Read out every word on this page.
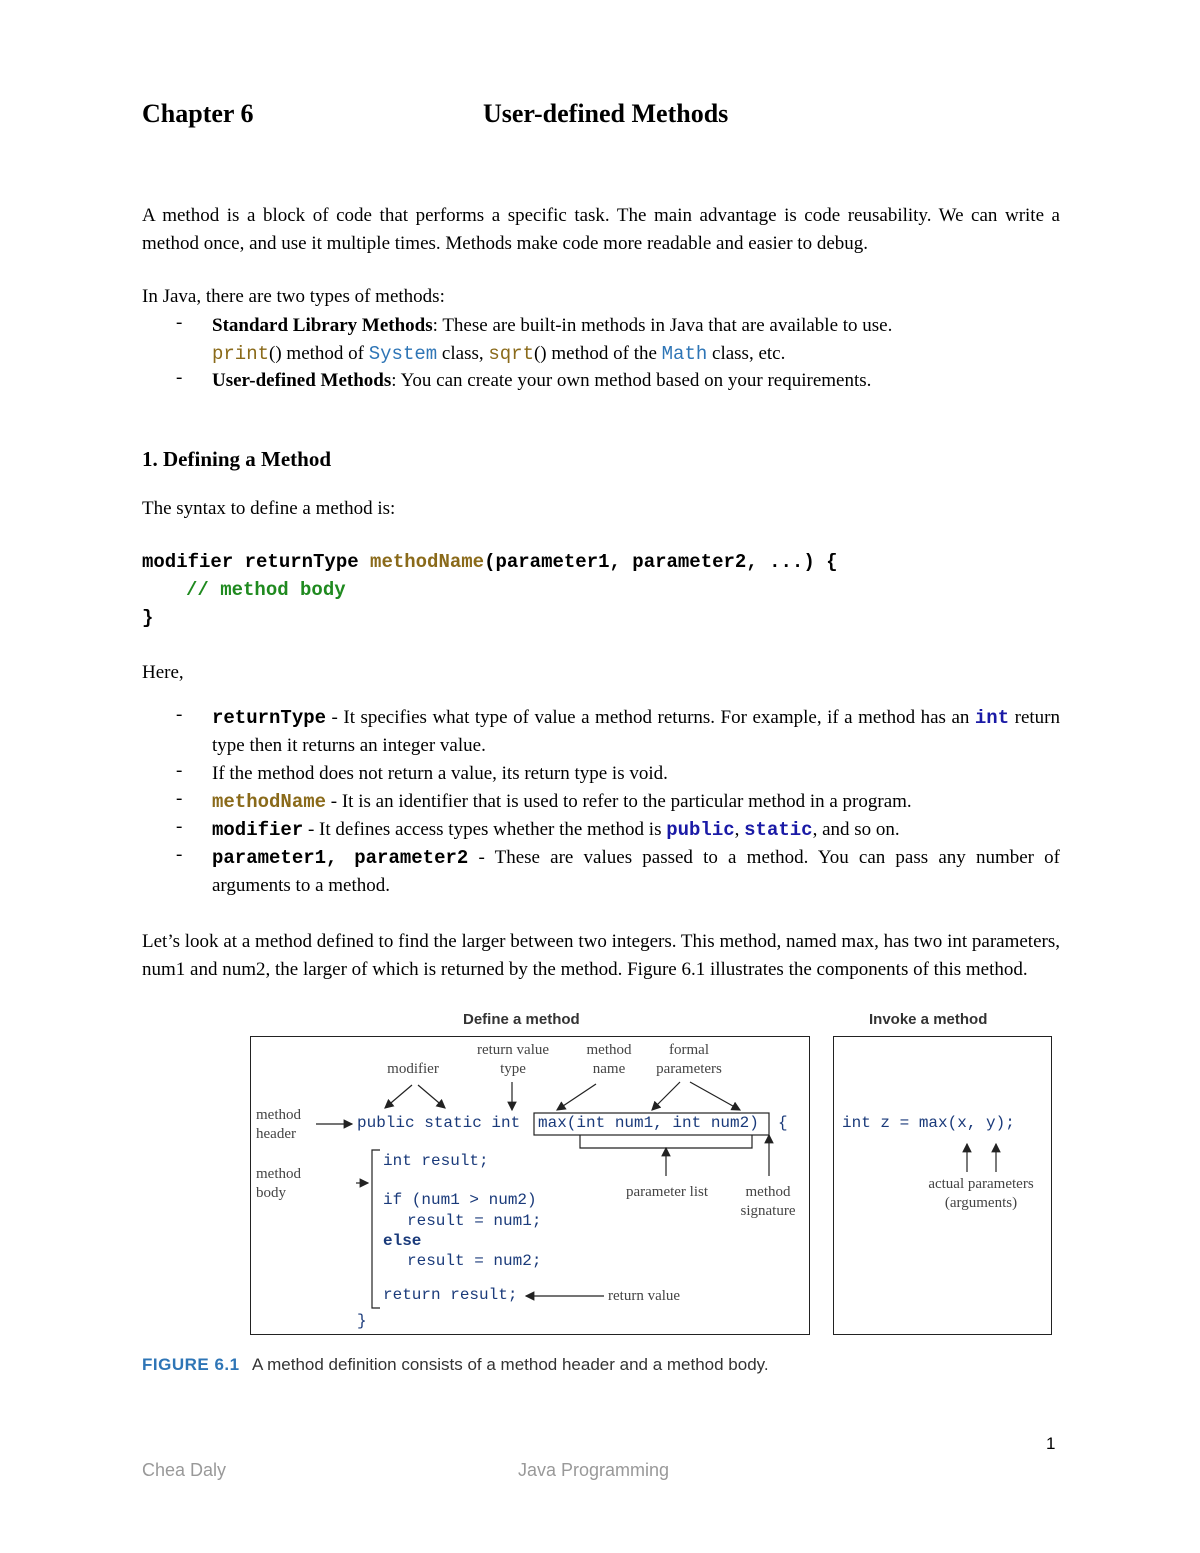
Chapter 6	User-defined Methods
A method is a block of code that performs a specific task. The main advantage is code reusability. We can write a method once, and use it multiple times. Methods make code more readable and easier to debug.
In Java, there are two types of methods:
- Standard Library Methods: These are built-in methods in Java that are available to use.
print() method of System class, sqrt() method of the Math class, etc.
- User-defined Methods: You can create your own method based on your requirements.
1. Defining a Method
The syntax to define a method is:
modifier returnType methodName(parameter1, parameter2, ...) {
// method body
}
Here,
- returnType - It specifies what type of value a method returns. For example, if a method has an int return type then it returns an integer value.
- If the method does not return a value, its return type is void.
- methodName - It is an identifier that is used to refer to the particular method in a program.
- modifier - It defines access types whether the method is public, static, and so on.
- parameter1, parameter2 - These are values passed to a method. You can pass any number of arguments to a method.
Let’s look at a method defined to find the larger between two integers. This method, named max, has two int parameters, num1 and num2, the larger of which is returned by the method. Figure 6.1 illustrates the components of this method.
Define a method	Invoke a method
return value type
modifier
method name
formal parameters
method header
method body	parameter list	method signature
return value
actual parameters (arguments)
public static int max(int num1, int num2) {
int result;
if (num1 > num2)
result = num1;
else
result = num2;
return result;
}
int z = max(x, y);
FIGURE 6.1 A method definition consists of a method header and a method body.
1
Chea Daly	Java Programming
